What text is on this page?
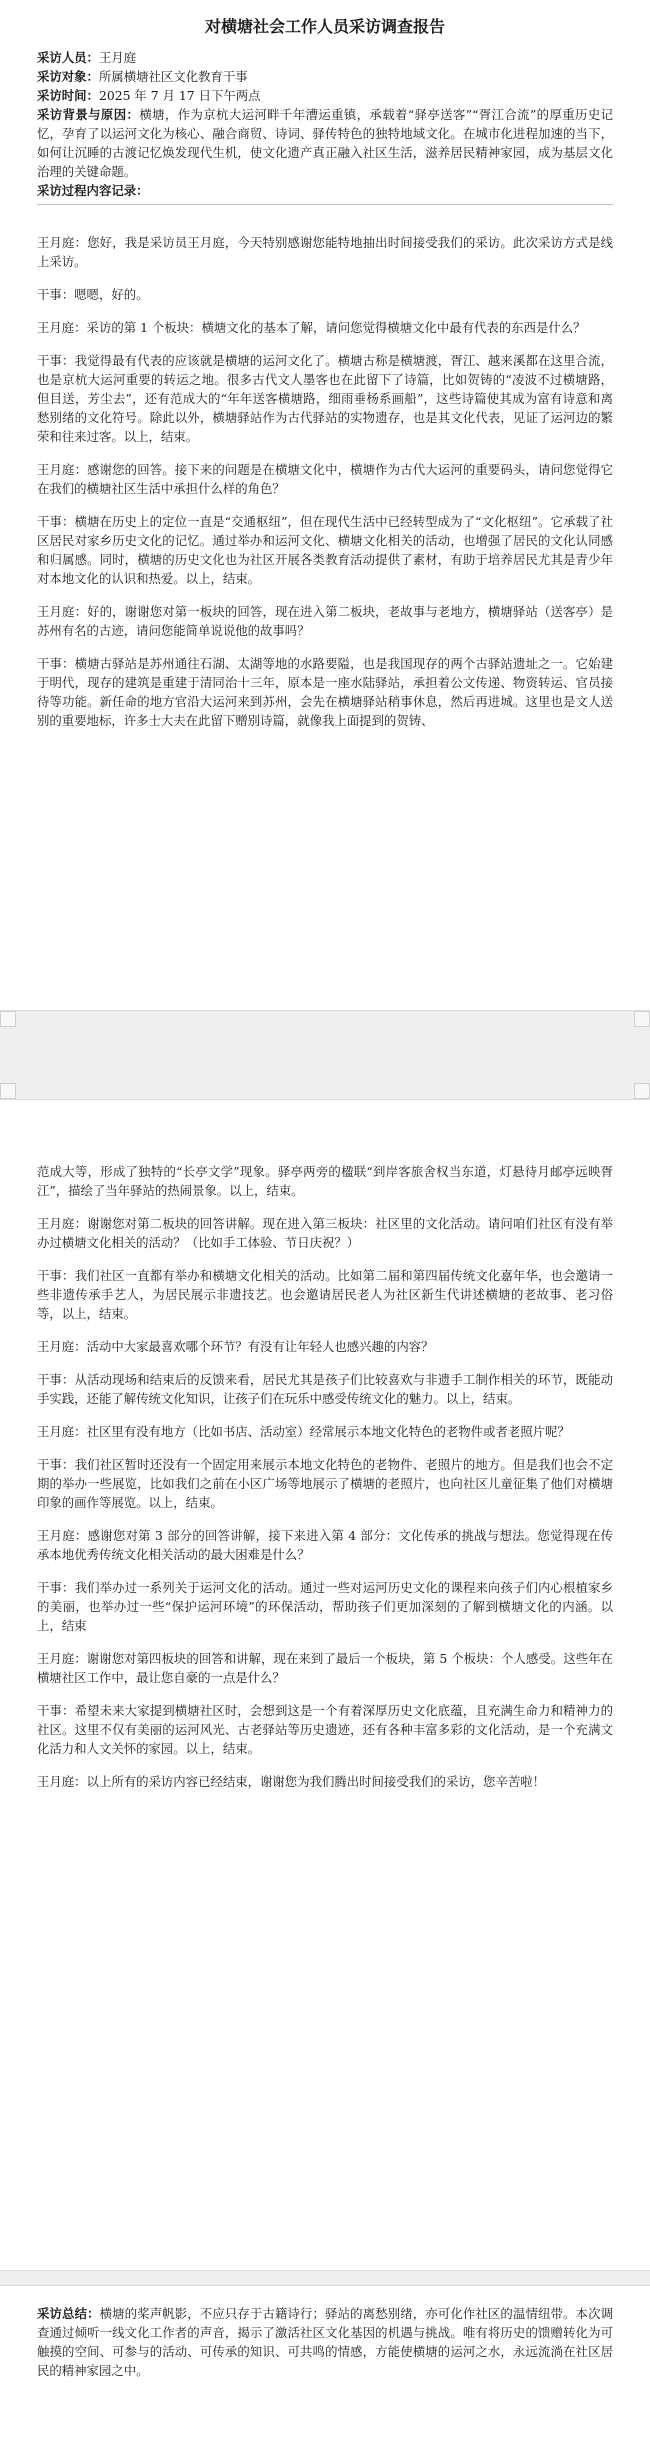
对横塘社会工作人员采访调查报告

采访人员：王月庭

采访对象：所属横塘社区文化教育干事

采访时间：2025 年 7 月 17 日下午两点

采访背景与原因：横塘，作为京杭大运河畔千年漕运重镇，承载着“驿亭送客”“胥江合流”的厚重历史记忆，孕育了以运河文化为核心、融合商贸、诗词、驿传特色的独特地域文化。在城市化进程加速的当下，如何让沉睡的古渡记忆焕发现代生机，使文化遗产真正融入社区生活，滋养居民精神家园，成为基层文化治理的关键命题。

采访过程内容记录：

王月庭：您好，我是采访员王月庭，今天特别感谢您能特地抽出时间接受我们的采访。此次采访方式是线上采访。

干事：嗯嗯，好的。

王月庭：采访的第 1 个板块：横塘文化的基本了解，请问您觉得横塘文化中最有代表的东西是什么？

干事：我觉得最有代表的应该就是横塘的运河文化了。横塘古称是横塘渡，胥江、越来溪都在这里合流，也是京杭大运河重要的转运之地。很多古代文人墨客也在此留下了诗篇，比如贺铸的“凌波不过横塘路，但目送，芳尘去”，还有范成大的“年年送客横塘路，细雨垂杨系画船”，这些诗篇使其成为富有诗意和离愁别绪的文化符号。除此以外，横塘驿站作为古代驿站的实物遗存，也是其文化代表，见证了运河边的繁荣和往来过客。以上，结束。

王月庭：感谢您的回答。接下来的问题是在横塘文化中，横塘作为古代大运河的重要码头，请问您觉得它在我们的横塘社区生活中承担什么样的角色？

干事：横塘在历史上的定位一直是“交通枢纽”，但在现代生活中已经转型成为了“文化枢纽”。它承载了社区居民对家乡历史文化的记忆。通过举办和运河文化、横塘文化相关的活动，也增强了居民的文化认同感和归属感。同时，横塘的历史文化也为社区开展各类教育活动提供了素材，有助于培养居民尤其是青少年对本地文化的认识和热爱。以上，结束。

王月庭：好的，谢谢您对第一板块的回答，现在进入第二板块，老故事与老地方，横塘驿站（送客亭）是苏州有名的古迹，请问您能简单说说他的故事吗？

干事：横塘古驿站是苏州通往石湖、太湖等地的水路要隘，也是我国现存的两个古驿站遗址之一。它始建于明代，现存的建筑是重建于清同治十三年，原本是一座水陆驿站，承担着公文传递、物资转运、官员接待等功能。新任命的地方官沿大运河来到苏州，会先在横塘驿站稍事休息，然后再进城。这里也是文人送别的重要地标，许多士大夫在此留下赠别诗篇，就像我上面提到的贺铸、

范成大等，形成了独特的“长亭文学”现象。驿亭两旁的楹联“到岸客旅舍权当东道，灯悬待月邮亭远映胥江”，描绘了当年驿站的热闹景象。以上，结束。

王月庭：谢谢您对第二板块的回答讲解。现在进入第三板块：社区里的文化活动。请问咱们社区有没有举办过横塘文化相关的活动？（比如手工体验、节日庆祝？）

干事：我们社区一直都有举办和横塘文化相关的活动。比如第二届和第四届传统文化嘉年华，也会邀请一些非遗传承手艺人，为居民展示非遗技艺。也会邀请居民老人为社区新生代讲述横塘的老故事、老习俗等，以上，结束。

王月庭：活动中大家最喜欢哪个环节？有没有让年轻人也感兴趣的内容？

干事：从活动现场和结束后的反馈来看，居民尤其是孩子们比较喜欢与非遗手工制作相关的环节，既能动手实践，还能了解传统文化知识，让孩子们在玩乐中感受传统文化的魅力。以上，结束。

王月庭：社区里有没有地方（比如书店、活动室）经常展示本地文化特色的老物件或者老照片呢？

干事：我们社区暂时还没有一个固定用来展示本地文化特色的老物件、老照片的地方。但是我们也会不定期的举办一些展览，比如我们之前在小区广场等地展示了横塘的老照片，也向社区儿童征集了他们对横塘印象的画作等展览。以上，结束。

王月庭：感谢您对第 3 部分的回答讲解，接下来进入第 4 部分：文化传承的挑战与想法。您觉得现在传承本地优秀传统文化相关活动的最大困难是什么？

干事：我们举办过一系列关于运河文化的活动。通过一些对运河历史文化的课程来向孩子们内心根植家乡的美丽，也举办过一些“保护运河环境”的环保活动，帮助孩子们更加深刻的了解到横塘文化的内涵。以上，结束

王月庭：谢谢您对第四板块的回答和讲解，现在来到了最后一个板块，第 5 个板块：个人感受。这些年在横塘社区工作中，最让您自豪的一点是什么？

干事：希望未来大家提到横塘社区时，会想到这是一个有着深厚历史文化底蕴，且充满生命力和精神力的社区。这里不仅有美丽的运河风光、古老驿站等历史遗迹，还有各种丰富多彩的文化活动，是一个充满文化活力和人文关怀的家园。以上，结束。

王月庭：以上所有的采访内容已经结束，谢谢您为我们腾出时间接受我们的采访，您辛苦啦！

采访总结：横塘的桨声帆影，不应只存于古籍诗行；驿站的离愁别绪，亦可化作社区的温情纽带。本次调查通过倾听一线文化工作者的声音，揭示了激活社区文化基因的机遇与挑战。唯有将历史的馈赠转化为可触摸的空间、可参与的活动、可传承的知识、可共鸣的情感，方能使横塘的运河之水，永远流淌在社区居民的精神家园之中。
